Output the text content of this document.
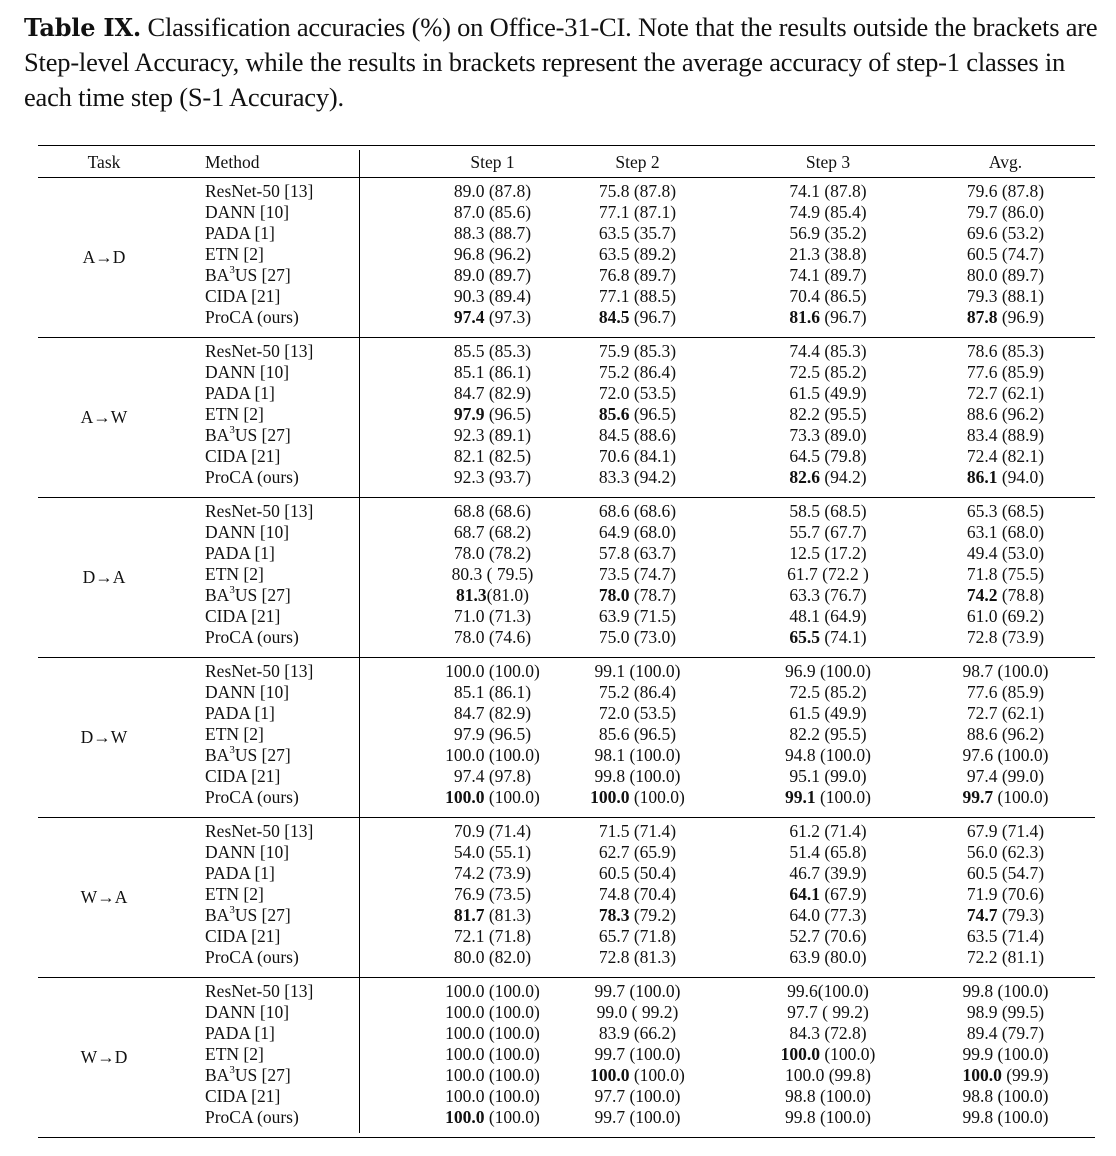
Table IX. Classification accuracies (%) on Office-31-CI. Note that the results outside the brackets are Step-level Accuracy, while the results in brackets represent the average accuracy of step-1 classes in each time step (S-1 Accuracy).
Task	Method	Step 1	Step 2	Step 3	Avg.
A→D
ResNet-50 [13]	89.0 (87.8)	75.8 (87.8)	74.1 (87.8)	79.6 (87.8)
DANN [10]	87.0 (85.6)	77.1 (87.1)	74.9 (85.4)	79.7 (86.0)
PADA [1]	88.3 (88.7)	63.5 (35.7)	56.9 (35.2)	69.6 (53.2)
ETN [2]	96.8 (96.2)	63.5 (89.2)	21.3 (38.8)	60.5 (74.7)
$BA^3US$ [27]	89.0 (89.7)	76.8 (89.7)	74.1 (89.7)	80.0 (89.7)
CIDA [21]	90.3 (89.4)	77.1 (88.5)	70.4 (86.5)	79.3 (88.1)
ProCA (ours)	97.4 (97.3)	84.5 (96.7)	81.6 (96.7)	87.8 (96.9)
A→W
ResNet-50 [13]	85.5 (85.3)	75.9 (85.3)	74.4 (85.3)	78.6 (85.3)
DANN [10]	85.1 (86.1)	75.2 (86.4)	72.5 (85.2)	77.6 (85.9)
PADA [1]	84.7 (82.9)	72.0 (53.5)	61.5 (49.9)	72.7 (62.1)
ETN [2]	97.9 (96.5)	85.6 (96.5)	82.2 (95.5)	88.6 (96.2)
$BA^3US$ [27]	92.3 (89.1)	84.5 (88.6)	73.3 (89.0)	83.4 (88.9)
CIDA [21]	82.1 (82.5)	70.6 (84.1)	64.5 (79.8)	72.4 (82.1)
ProCA (ours)	92.3 (93.7)	83.3 (94.2)	82.6 (94.2)	86.1 (94.0)
D→A
ResNet-50 [13]	68.8 (68.6)	68.6 (68.6)	58.5 (68.5)	65.3 (68.5)
DANN [10]	68.7 (68.2)	64.9 (68.0)	55.7 (67.7)	63.1 (68.0)
PADA [1]	78.0 (78.2)	57.8 (63.7)	12.5 (17.2)	49.4 (53.0)
ETN [2]	80.3 ( 79.5)	73.5 (74.7)	61.7 (72.2 )	71.8 (75.5)
$BA^3US$ [27]	81.3(81.0)	78.0 (78.7)	63.3 (76.7)	74.2 (78.8)
CIDA [21]	71.0 (71.3)	63.9 (71.5)	48.1 (64.9)	61.0 (69.2)
ProCA (ours)	78.0 (74.6)	75.0 (73.0)	65.5 (74.1)	72.8 (73.9)
D→W
ResNet-50 [13]	100.0 (100.0)	99.1 (100.0)	96.9 (100.0)	98.7 (100.0)
DANN [10]	85.1 (86.1)	75.2 (86.4)	72.5 (85.2)	77.6 (85.9)
PADA [1]	84.7 (82.9)	72.0 (53.5)	61.5 (49.9)	72.7 (62.1)
ETN [2]	97.9 (96.5)	85.6 (96.5)	82.2 (95.5)	88.6 (96.2)
$BA^3US$ [27]	100.0 (100.0)	98.1 (100.0)	94.8 (100.0)	97.6 (100.0)
CIDA [21]	97.4 (97.8)	99.8 (100.0)	95.1 (99.0)	97.4 (99.0)
ProCA (ours)	100.0 (100.0)	100.0 (100.0)	99.1 (100.0)	99.7 (100.0)
W→A
ResNet-50 [13]	70.9 (71.4)	71.5 (71.4)	61.2 (71.4)	67.9 (71.4)
DANN [10]	54.0 (55.1)	62.7 (65.9)	51.4 (65.8)	56.0 (62.3)
PADA [1]	74.2 (73.9)	60.5 (50.4)	46.7 (39.9)	60.5 (54.7)
ETN [2]	76.9 (73.5)	74.8 (70.4)	64.1 (67.9)	71.9 (70.6)
$BA^3US$ [27]	81.7 (81.3)	78.3 (79.2)	64.0 (77.3)	74.7 (79.3)
CIDA [21]	72.1 (71.8)	65.7 (71.8)	52.7 (70.6)	63.5 (71.4)
ProCA (ours)	80.0 (82.0)	72.8 (81.3)	63.9 (80.0)	72.2 (81.1)
W→D
ResNet-50 [13]	100.0 (100.0)	99.7 (100.0)	99.6(100.0)	99.8 (100.0)
DANN [10]	100.0 (100.0)	99.0 ( 99.2)	97.7 ( 99.2)	98.9 (99.5)
PADA [1]	100.0 (100.0)	83.9 (66.2)	84.3 (72.8)	89.4 (79.7)
ETN [2]	100.0 (100.0)	99.7 (100.0)	100.0 (100.0)	99.9 (100.0)
$BA^3US$ [27]	100.0 (100.0)	100.0 (100.0)	100.0 (99.8)	100.0 (99.9)
CIDA [21]	100.0 (100.0)	97.7 (100.0)	98.8 (100.0)	98.8 (100.0)
ProCA (ours)	100.0 (100.0)	99.7 (100.0)	99.8 (100.0)	99.8 (100.0)
